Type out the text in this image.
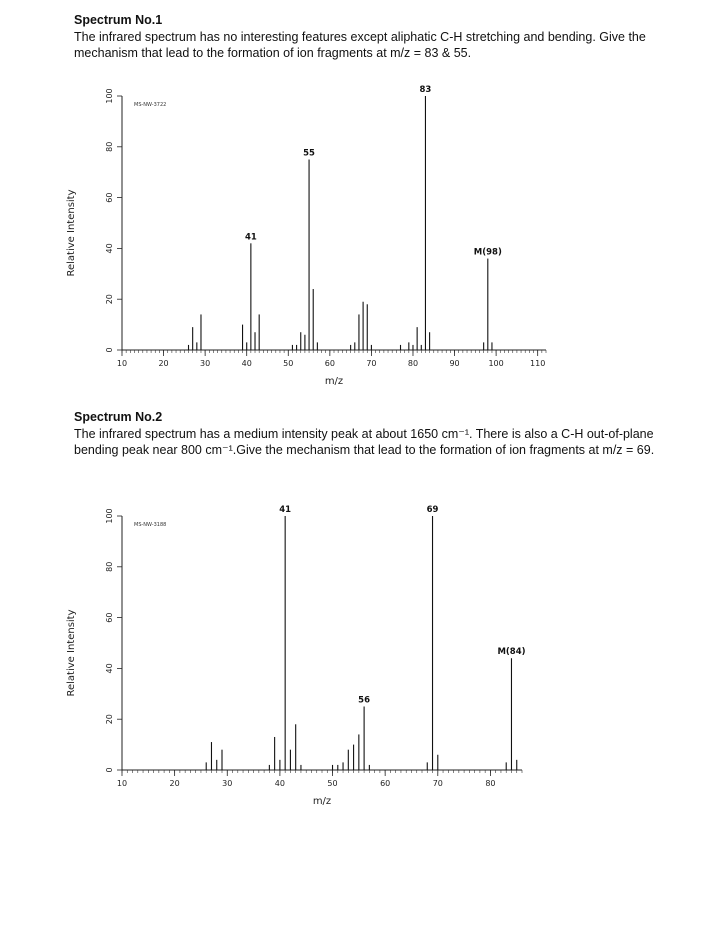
Spectrum No.1
The infrared spectrum has no interesting features except aliphatic C-H stretching and bending. Give the mechanism that lead to the formation of ion fragments at m/z = 83 & 55.
10	20	30	40	50	60	70	80	90	100	110
0
20
40
60
80
100
m/z
Relative Intensity
MS-NW-3722
41
55
83
M(98)
Spectrum No.2
The infrared spectrum has a medium intensity peak at about 1650 cm⁻¹. There is also a C-H out-of-plane bending peak near 800 cm⁻¹.Give the mechanism that lead to the formation of ion fragments at m/z = 69.
10	20	30	40	50	60	70	80
0
20
40
60
80
100
m/z
Relative Intensity
MS-NW-3188
41
56
69
M(84)
